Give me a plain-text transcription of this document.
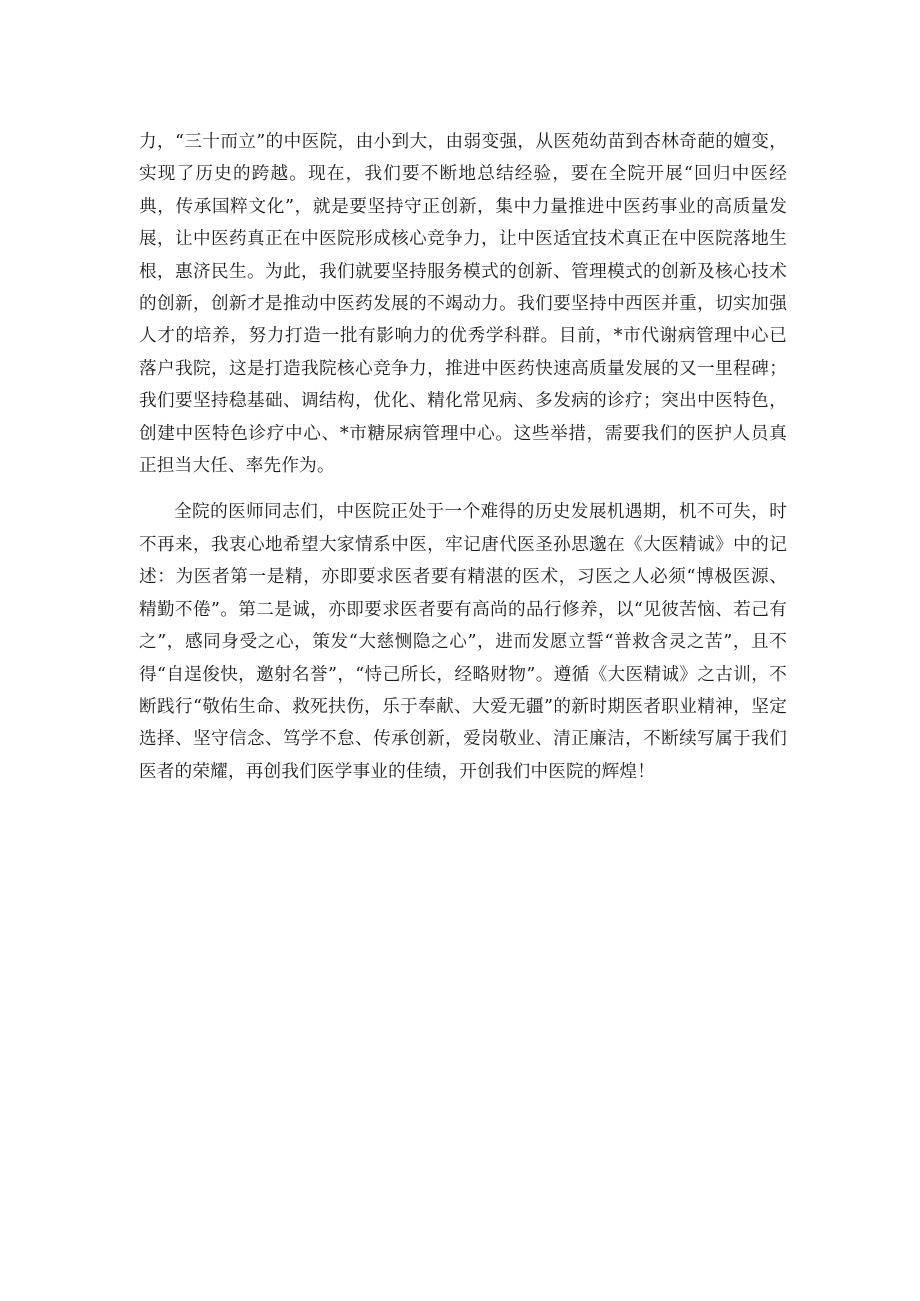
力，“三十而立”的中医院，由小到大，由弱变强，从医苑幼苗到杏林奇葩的嬗变，实现了历史的跨越。现在，我们要不断地总结经验，要在全院开展“回归中医经典，传承国粹文化”，就是要坚持守正创新，集中力量推进中医药事业的高质量发展，让中医药真正在中医院形成核心竞争力，让中医适宜技术真正在中医院落地生根，惠济民生。为此，我们就要坚持服务模式的创新、管理模式的创新及核心技术的创新，创新才是推动中医药发展的不竭动力。我们要坚持中西医并重，切实加强人才的培养，努力打造一批有影响力的优秀学科群。目前，*市代谢病管理中心已落户我院，这是打造我院核心竞争力，推进中医药快速高质量发展的又一里程碑；我们要坚持稳基础、调结构，优化、精化常见病、多发病的诊疗；突出中医特色，创建中医特色诊疗中心、*市糖尿病管理中心。这些举措，需要我们的医护人员真正担当大任、率先作为。

全院的医师同志们，中医院正处于一个难得的历史发展机遇期，机不可失，时不再来，我衷心地希望大家情系中医，牢记唐代医圣孙思邈在《大医精诚》中的记述：为医者第一是精，亦即要求医者要有精湛的医术，习医之人必须“博极医源、精勤不倦”。第二是诚，亦即要求医者要有高尚的品行修养，以“见彼苦恼、若己有之”，感同身受之心，策发“大慈恻隐之心”，进而发愿立誓“普救含灵之苦”，且不得“自逞俊快，邀射名誉”，“恃己所长，经略财物”。遵循《大医精诚》之古训，不断践行“敬佑生命、救死扶伤，乐于奉献、大爱无疆”的新时期医者职业精神，坚定选择、坚守信念、笃学不怠、传承创新，爱岗敬业、清正廉洁，不断续写属于我们医者的荣耀，再创我们医学事业的佳绩，开创我们中医院的辉煌！
